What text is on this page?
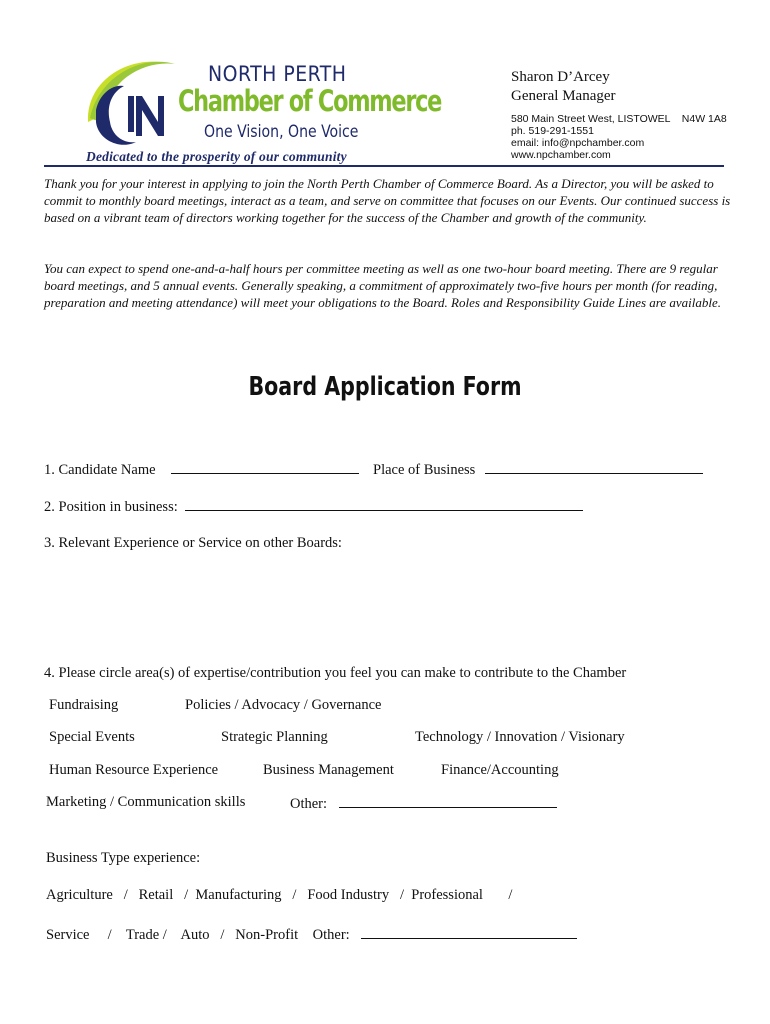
NORTH PERTH
Chamber of Commerce
One Vision, One Voice
Dedicated to the prosperity of our community
Sharon D’Arcey
General Manager
580 Main Street West, LISTOWEL    N4W 1A8
ph. 519-291-1551
email: info@npchamber.com
www.npchamber.com
Thank you for your interest in applying to join the North Perth Chamber of Commerce Board. As a Director, you will be asked to commit to monthly board meetings, interact as a team, and serve on committee that focuses on our Events. Our continued success is based on a vibrant team of directors working together for the success of the Chamber and growth of the community.
You can expect to spend one-and-a-half hours per committee meeting as well as one two-hour board meeting. There are 9 regular board meetings, and 5 annual events. Generally speaking, a commitment of approximately two-five hours per month (for reading, preparation and meeting attendance) will meet your obligations to the Board. Roles and Responsibility Guide Lines are available.
Board Application Form
1. Candidate Name	Place of Business
2. Position in business:
3. Relevant Experience or Service on other Boards:
4. Please circle area(s) of expertise/contribution you feel you can make to contribute to the Chamber
Fundraising	Policies / Advocacy / Governance
Special Events	Strategic Planning	Technology / Innovation / Visionary
Human Resource Experience	Business Management	Finance/Accounting
Marketing / Communication skills	Other:
Business Type experience:
Agriculture   /   Retail   /  Manufacturing   /   Food Industry   /  Professional       /
Service     /    Trade /    Auto   /   Non-Profit    Other:
